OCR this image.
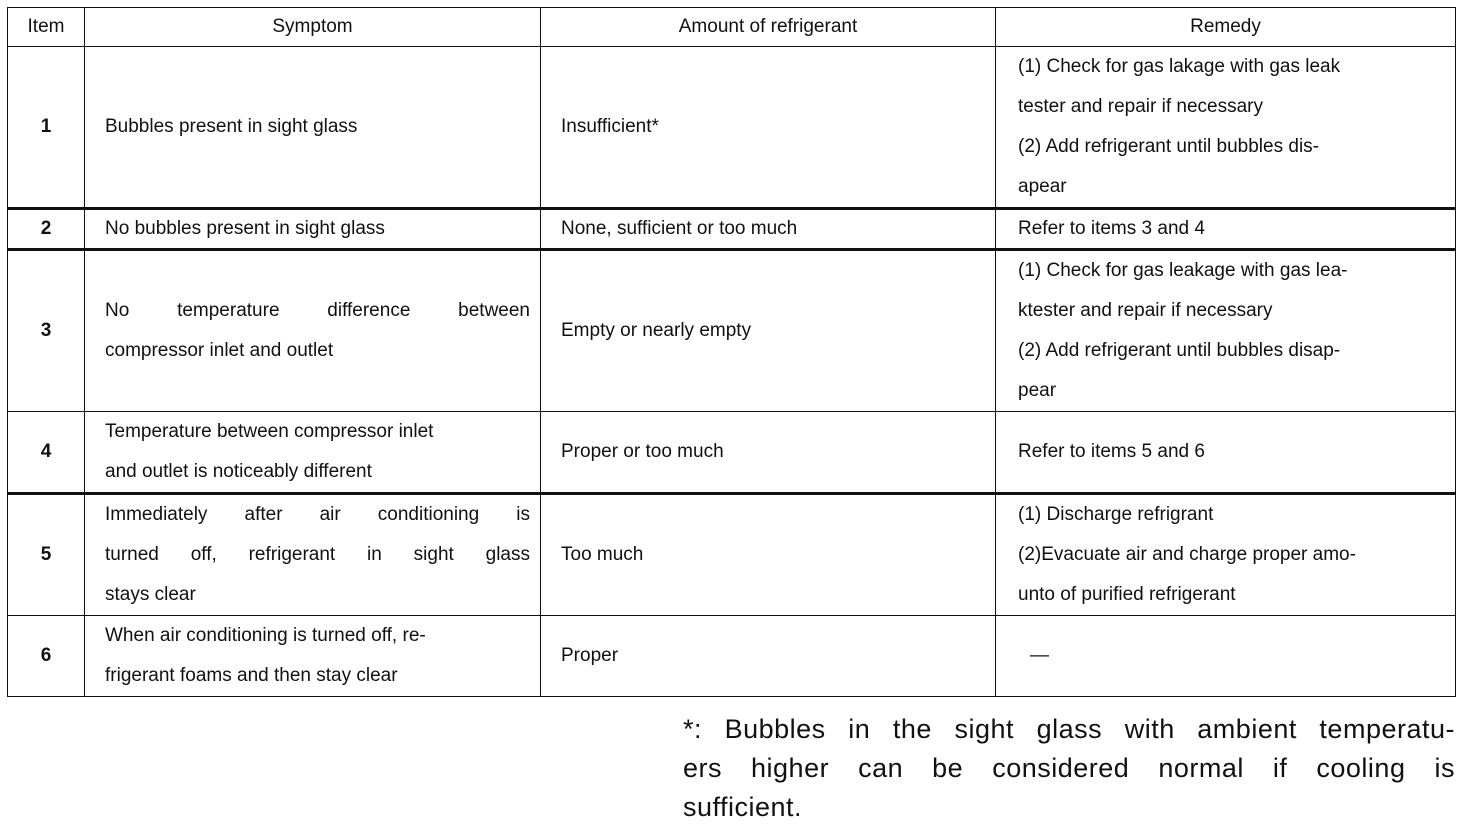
Item	Symptom	Amount of refrigerant	Remedy
1	Bubbles present in sight glass	Insufficient*	(1) Check for gas lakage with gas leak
tester and repair if necessary
(2) Add refrigerant until bubbles dis-
apear

2	No bubbles present in sight glass	None, sufficient or too much	Refer to items 3 and 4

3	No temperature difference between
compressor inlet and outlet	Empty or nearly empty	(1) Check for gas leakage with gas lea-
ktester and repair if necessary
(2) Add refrigerant until bubbles disap-
pear

4	Temperature between compressor inlet
and outlet is noticeably different	Proper or too much	Refer to items 5 and 6

5	Immediately after air conditioning is
turned off, refrigerant in sight glass
stays clear	Too much	(1) Discharge refrigrant
(2)Evacuate air and charge proper amo-
unto of purified refrigerant

6	When air conditioning is turned off, re-
frigerant foams and then stay clear	Proper	—
*: Bubbles in the sight glass with ambient temperatu-
ers higher can be considered normal if cooling is
sufficient.
